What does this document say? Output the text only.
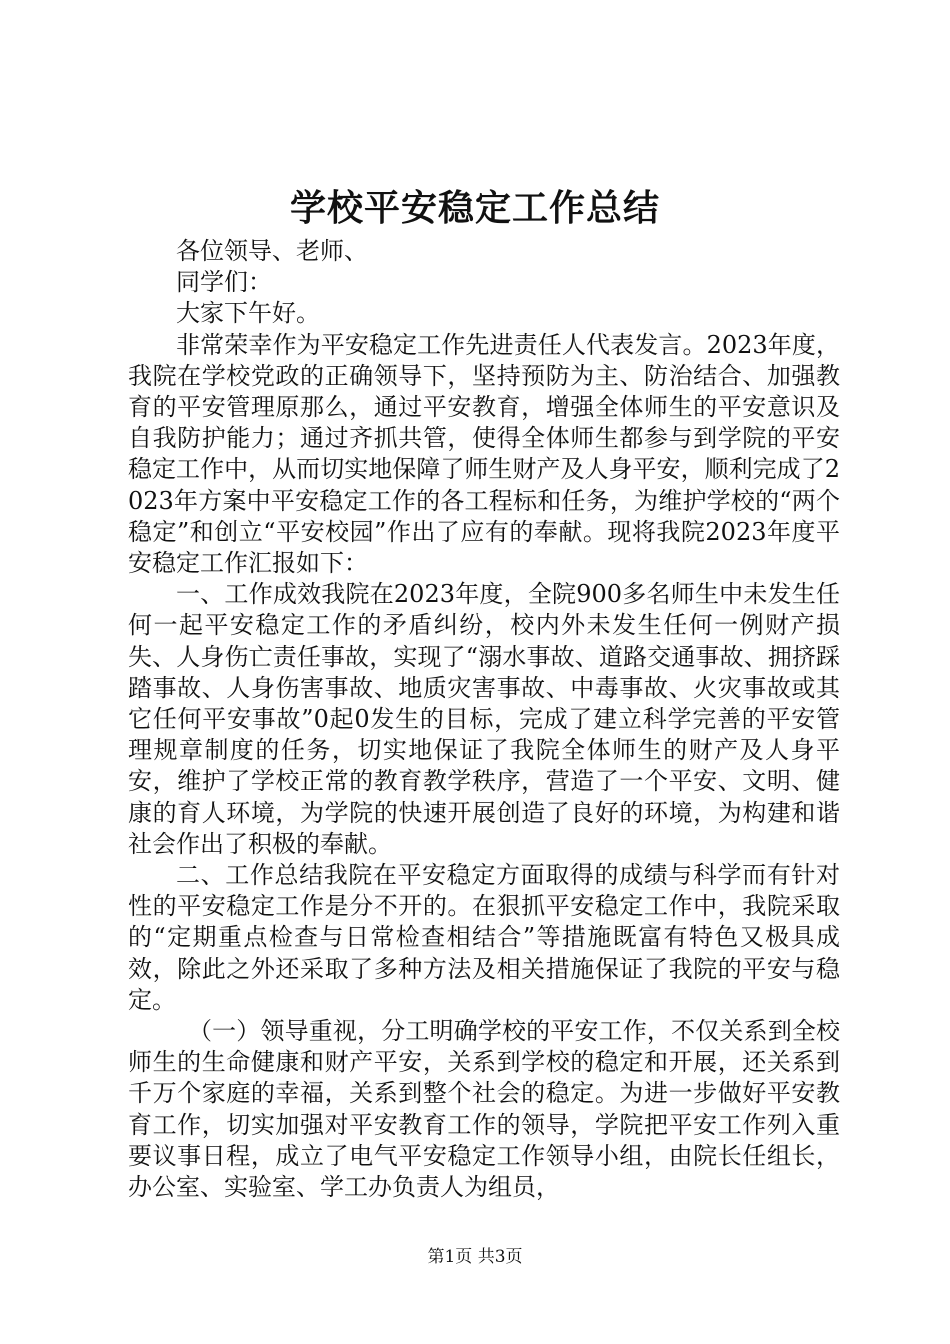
学校平安稳定工作总结

各位领导、老师、

同学们：

大家下午好。

非常荣幸作为平安稳定工作先进责任人代表发言。2023年度，我院在学校党政的正确领导下，坚持预防为主、防治结合、加强教育的平安管理原那么，通过平安教育，增强全体师生的平安意识及自我防护能力；通过齐抓共管，使得全体师生都参与到学院的平安稳定工作中，从而切实地保障了师生财产及人身平安，顺利完成了2023年方案中平安稳定工作的各工程标和任务，为维护学校的“两个稳定”和创立“平安校园”作出了应有的奉献。现将我院2023年度平安稳定工作汇报如下：

一、工作成效我院在2023年度，全院900多名师生中未发生任何一起平安稳定工作的矛盾纠纷，校内外未发生任何一例财产损失、人身伤亡责任事故，实现了“溺水事故、道路交通事故、拥挤踩踏事故、人身伤害事故、地质灾害事故、中毒事故、火灾事故或其它任何平安事故”0起0发生的目标，完成了建立科学完善的平安管理规章制度的任务，切实地保证了我院全体师生的财产及人身平安，维护了学校正常的教育教学秩序，营造了一个平安、文明、健康的育人环境，为学院的快速开展创造了良好的环境，为构建和谐社会作出了积极的奉献。

二、工作总结我院在平安稳定方面取得的成绩与科学而有针对性的平安稳定工作是分不开的。在狠抓平安稳定工作中，我院采取的“定期重点检查与日常检查相结合”等措施既富有特色又极具成效，除此之外还采取了多种方法及相关措施保证了我院的平安与稳定。

（一）领导重视，分工明确学校的平安工作，不仅关系到全校师生的生命健康和财产平安，关系到学校的稳定和开展，还关系到千万个家庭的幸福，关系到整个社会的稳定。为进一步做好平安教育工作，切实加强对平安教育工作的领导，学院把平安工作列入重要议事日程，成立了电气平安稳定工作领导小组，由院长任组长，办公室、实验室、学工办负责人为组员，

第1页 共3页
